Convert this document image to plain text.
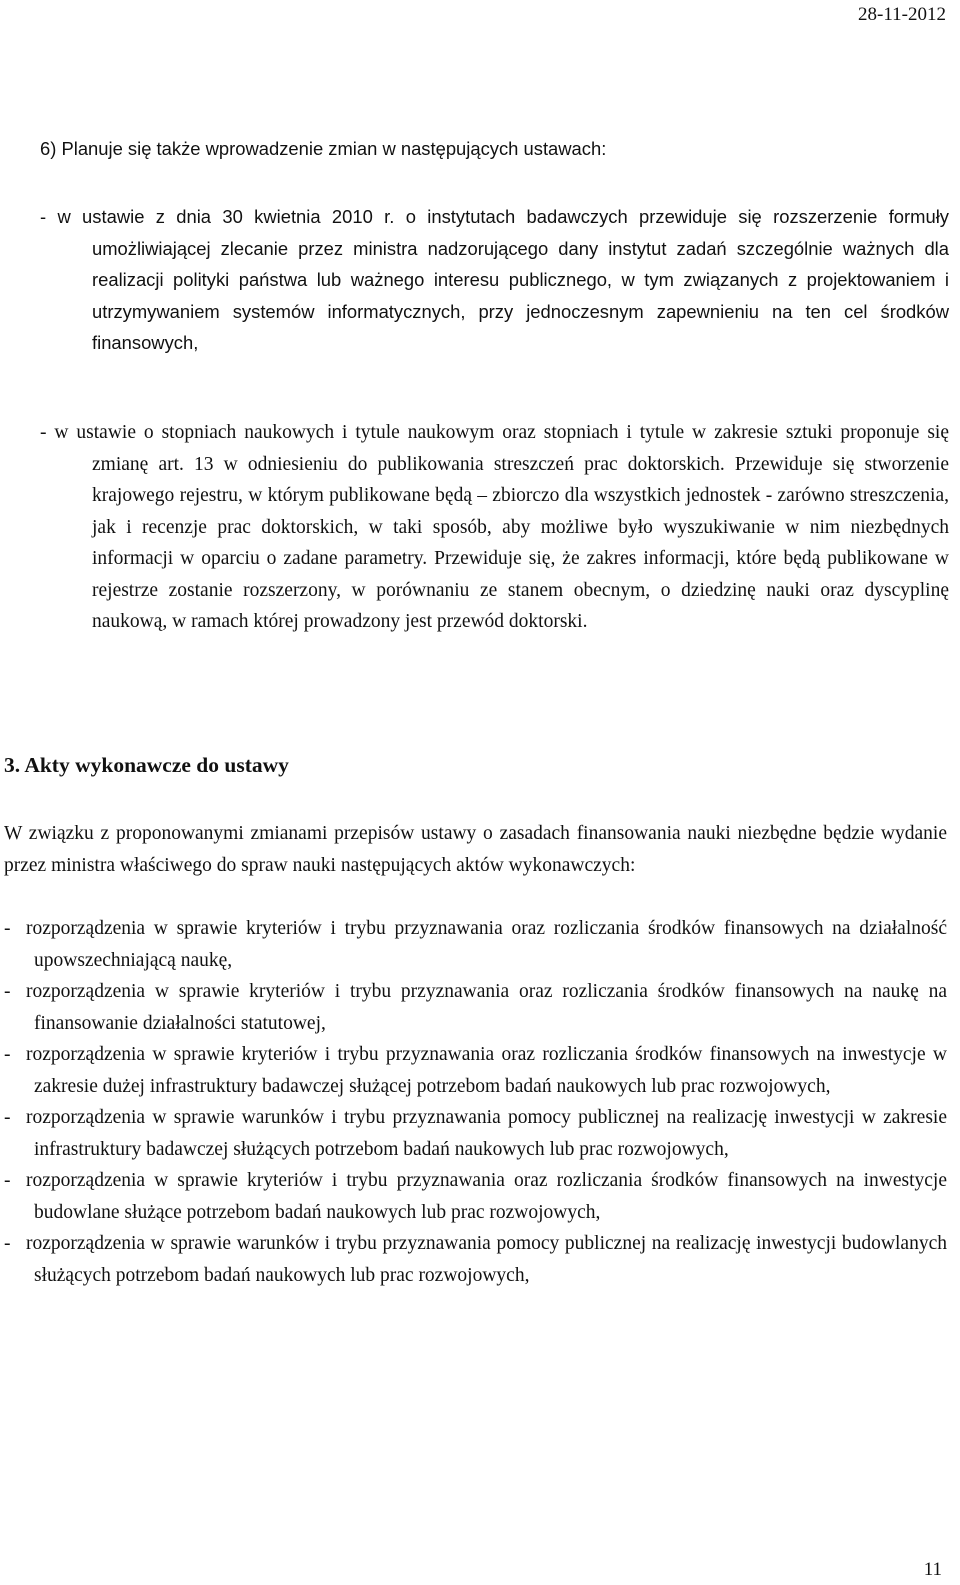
28-11-2012

6) Planuje się także wprowadzenie zmian w następujących ustawach:

- w ustawie z dnia 30 kwietnia 2010 r. o instytutach badawczych przewiduje się rozszerzenie formuły umożliwiającej zlecanie przez ministra nadzorującego dany instytut zadań szczególnie ważnych dla realizacji polityki państwa lub ważnego interesu publicznego, w tym związanych z projektowaniem i utrzymywaniem systemów informatycznych, przy jednoczesnym zapewnieniu na ten cel środków finansowych,

- w ustawie o stopniach naukowych i tytule naukowym oraz stopniach i tytule w zakresie sztuki proponuje się zmianę art. 13 w odniesieniu do publikowania streszczeń prac doktorskich. Przewiduje się stworzenie krajowego rejestru, w którym publikowane będą – zbiorczo dla wszystkich jednostek - zarówno streszczenia, jak i recenzje prac doktorskich, w taki sposób, aby możliwe było wyszukiwanie w nim niezbędnych informacji w oparciu o zadane parametry. Przewiduje się, że zakres informacji, które będą publikowane w rejestrze zostanie rozszerzony, w porównaniu ze stanem obecnym, o dziedzinę nauki oraz dyscyplinę naukową, w ramach której prowadzony jest przewód doktorski.

3. Akty wykonawcze do ustawy

W związku z proponowanymi zmianami przepisów ustawy o zasadach finansowania nauki niezbędne będzie wydanie przez ministra właściwego do spraw nauki następujących aktów wykonawczych:

- rozporządzenia w sprawie kryteriów i trybu przyznawania oraz rozliczania środków finansowych na działalność upowszechniającą naukę,
- rozporządzenia w sprawie kryteriów i trybu przyznawania oraz rozliczania środków finansowych na naukę na finansowanie działalności statutowej,
- rozporządzenia w sprawie kryteriów i trybu przyznawania oraz rozliczania środków finansowych na inwestycje w zakresie dużej infrastruktury badawczej służącej potrzebom badań naukowych lub prac rozwojowych,
- rozporządzenia w sprawie warunków i trybu przyznawania pomocy publicznej na realizację inwestycji w zakresie infrastruktury badawczej służących potrzebom badań naukowych lub prac rozwojowych,
- rozporządzenia w sprawie kryteriów i trybu przyznawania oraz rozliczania środków finansowych na inwestycje budowlane służące potrzebom badań naukowych lub prac rozwojowych,
- rozporządzenia w sprawie warunków i trybu przyznawania pomocy publicznej na realizację inwestycji budowlanych służących potrzebom badań naukowych lub prac rozwojowych,
11
